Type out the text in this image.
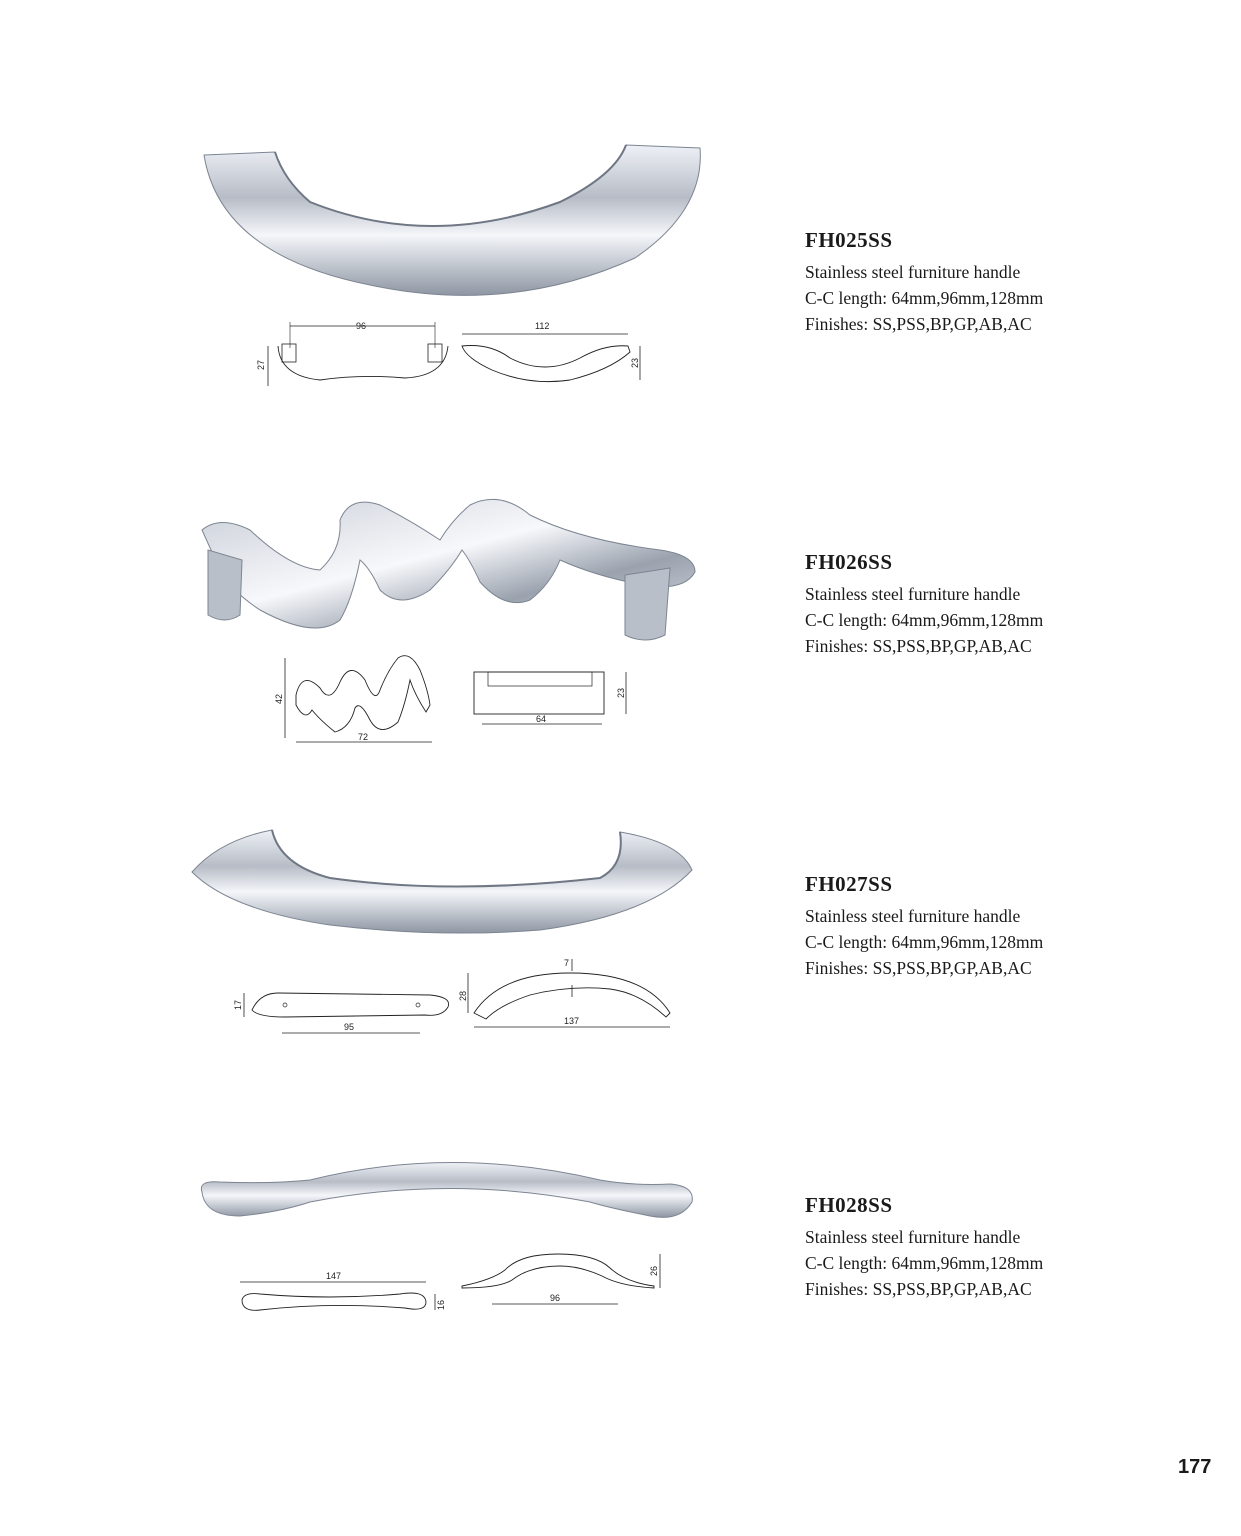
96
27
112
23
FH025SS
Stainless steel furniture handle
C-C length: 64mm,96mm,128mm
Finishes: SS,PSS,BP,GP,AB,AC
42
72
64
23
FH026SS
Stainless steel furniture handle
C-C length: 64mm,96mm,128mm
Finishes: SS,PSS,BP,GP,AB,AC
17
95
7
28
137
FH027SS
Stainless steel furniture handle
C-C length: 64mm,96mm,128mm
Finishes: SS,PSS,BP,GP,AB,AC
147
16
26
96
FH028SS
Stainless steel furniture handle
C-C length: 64mm,96mm,128mm
Finishes: SS,PSS,BP,GP,AB,AC
177
